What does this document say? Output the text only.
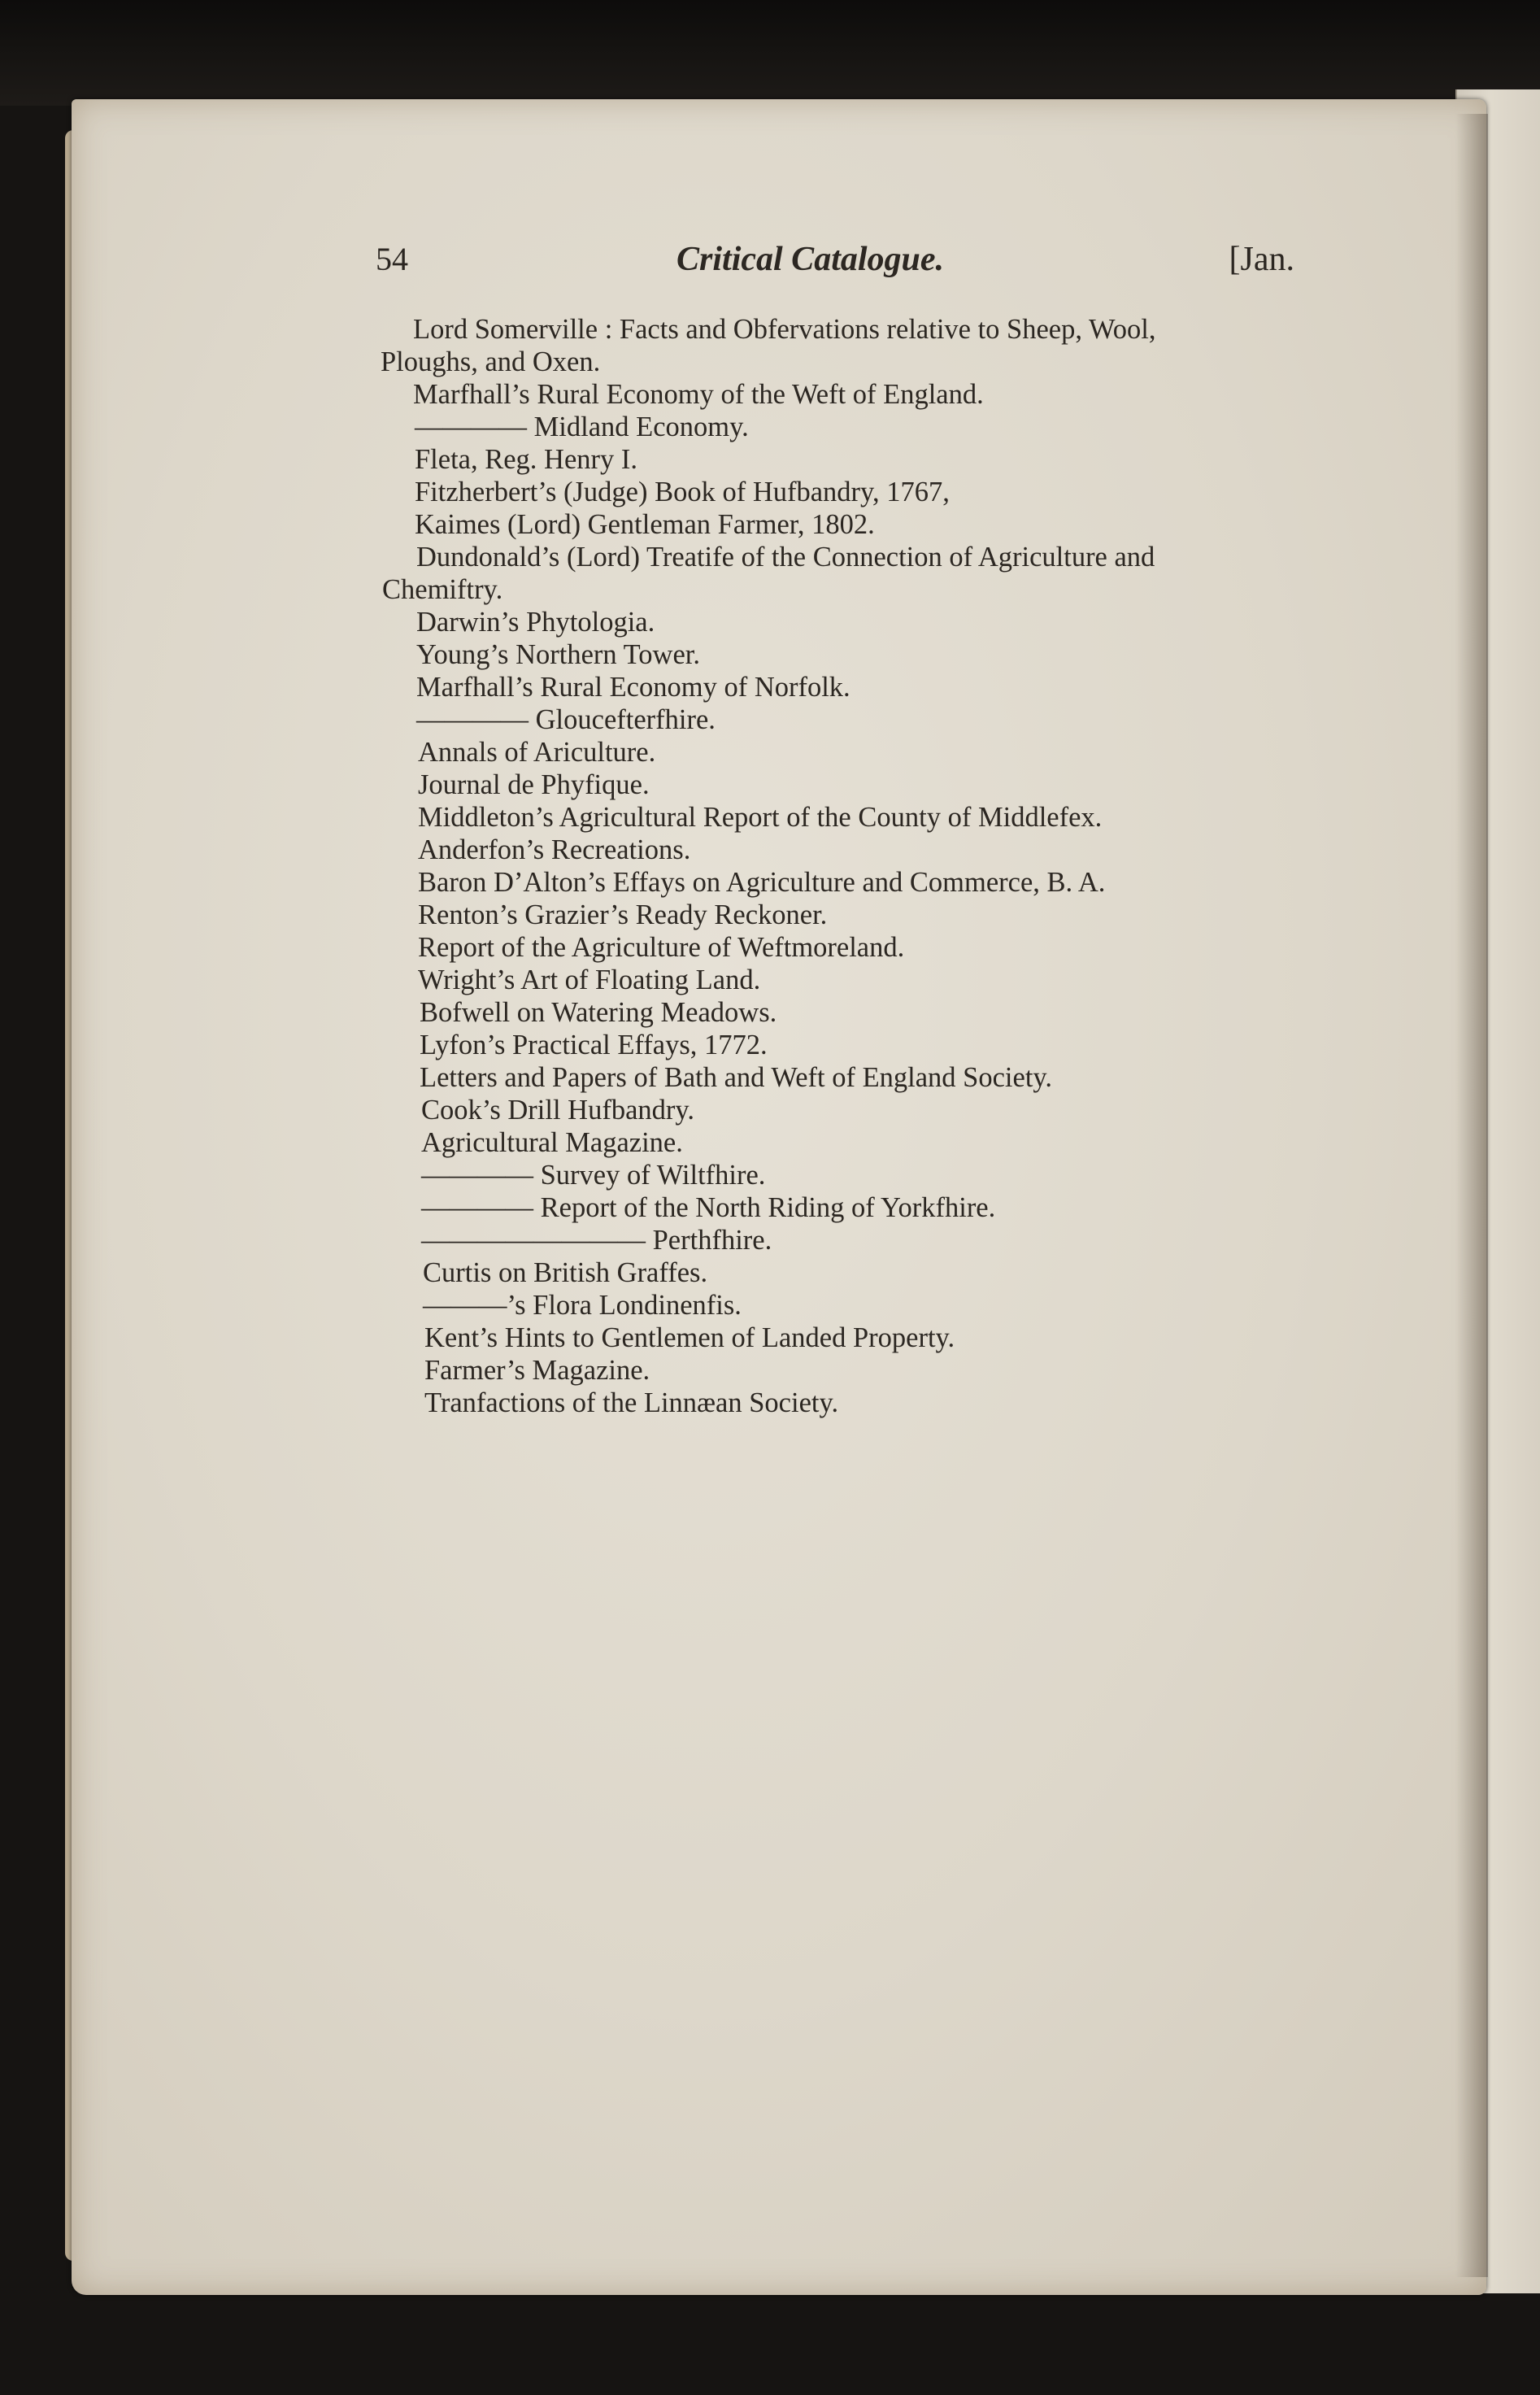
54	Critical Catalogue.	[Jan.
Lord Somerville : Facts and Obfervations relative to Sheep, Wool,
Ploughs, and Oxen.
Marfhall’s Rural Economy of the Weft of England.
———— Midland Economy.
Fleta, Reg. Henry I.
Fitzherbert’s (Judge) Book of Hufbandry, 1767,
Kaimes (Lord) Gentleman Farmer, 1802.
Dundonald’s (Lord) Treatife of the Connection of Agriculture and
Chemiftry.
Darwin’s Phytologia.
Young’s Northern Tower.
Marfhall’s Rural Economy of Norfolk.
———— Gloucefterfhire.
Annals of Ariculture.
Journal de Phyfique.
Middleton’s Agricultural Report of the County of Middlefex.
Anderfon’s Recreations.
Baron D’Alton’s Effays on Agriculture and Commerce, B. A.
Renton’s Grazier’s Ready Reckoner.
Report of the Agriculture of Weftmoreland.
Wright’s Art of Floating Land.
Bofwell on Watering Meadows.
Lyfon’s Practical Effays, 1772.
Letters and Papers of Bath and Weft of England Society.
Cook’s Drill Hufbandry.
Agricultural Magazine.
———— Survey of Wiltfhire.
———— Report of the North Riding of Yorkfhire.
———————— Perthfhire.
Curtis on British Graffes.
———’s Flora Londinenfis.
Kent’s Hints to Gentlemen of Landed Property.
Farmer’s Magazine.
Tranfactions of the Linnæan Society.
